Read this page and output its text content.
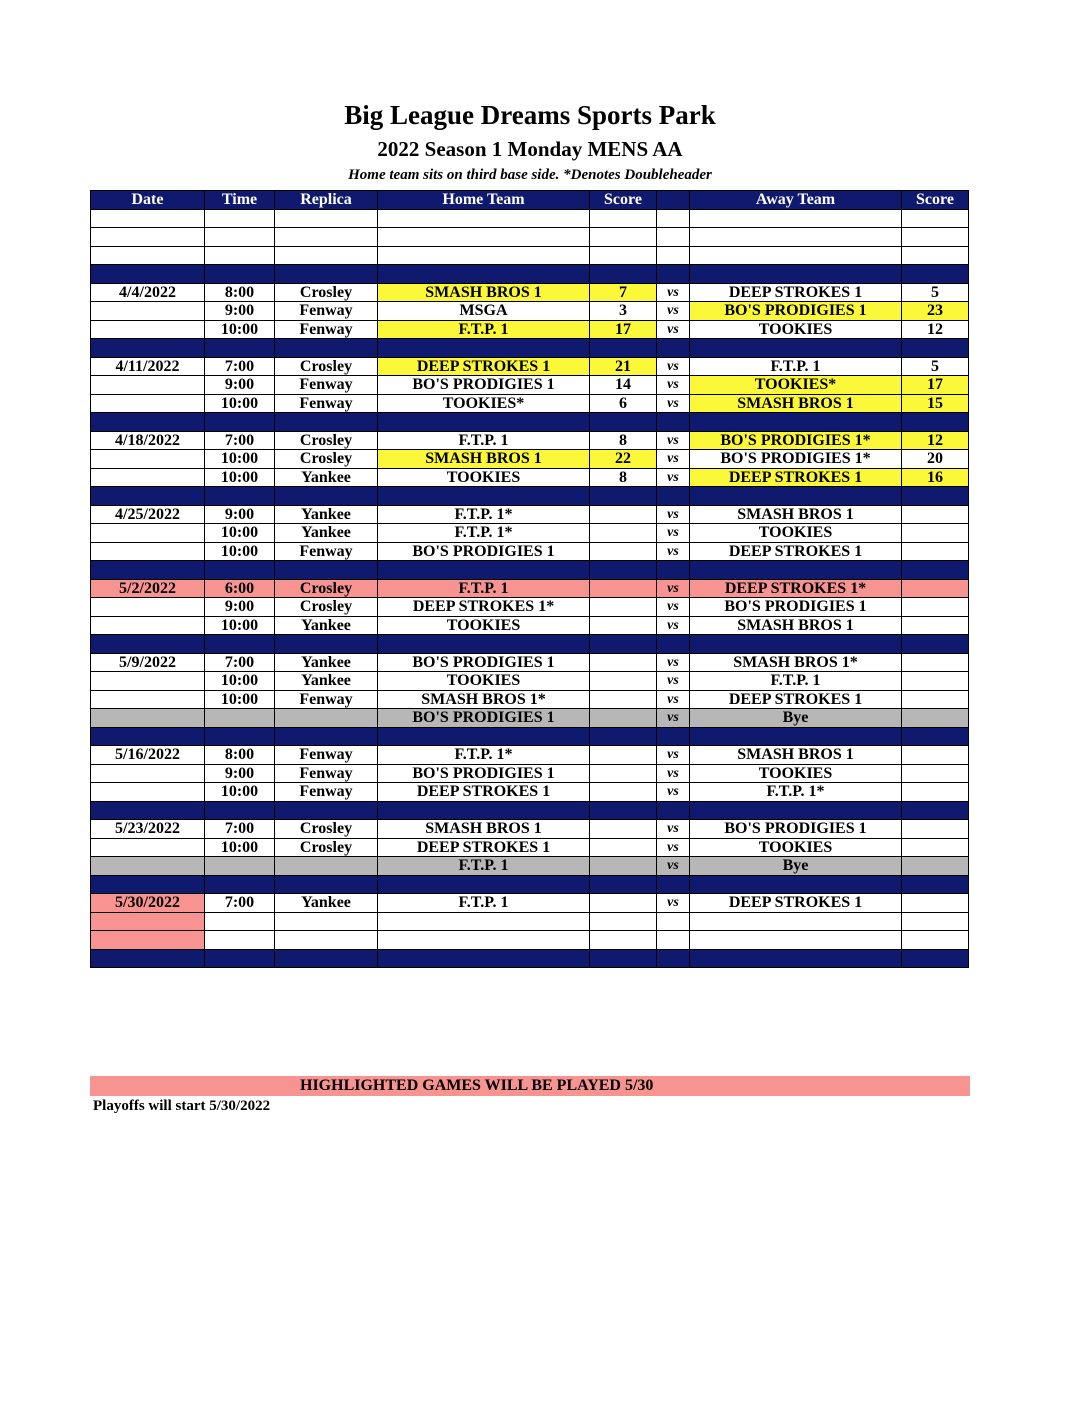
Big League Dreams Sports Park
2022 Season 1 Monday MENS AA
Home team sits on third base side. *Denotes Doubleheader
Date	Time	Replica	Home Team	Score		Away Team	Score

4/4/2022	8:00	Crosley	SMASH BROS 1	7	vs	DEEP STROKES 1	5
	9:00	Fenway	MSGA	3	vs	BO'S PRODIGIES 1	23
	10:00	Fenway	F.T.P. 1	17	vs	TOOKIES	12

4/11/2022	7:00	Crosley	DEEP STROKES 1	21	vs	F.T.P. 1	5
	9:00	Fenway	BO'S PRODIGIES 1	14	vs	TOOKIES*	17
	10:00	Fenway	TOOKIES*	6	vs	SMASH BROS 1	15

4/18/2022	7:00	Crosley	F.T.P. 1	8	vs	BO'S PRODIGIES 1*	12
	10:00	Crosley	SMASH BROS 1	22	vs	BO'S PRODIGIES 1*	20
	10:00	Yankee	TOOKIES	8	vs	DEEP STROKES 1	16

4/25/2022	9:00	Yankee	F.T.P. 1*		vs	SMASH BROS 1	
	10:00	Yankee	F.T.P. 1*		vs	TOOKIES	
	10:00	Fenway	BO'S PRODIGIES 1		vs	DEEP STROKES 1	

5/2/2022	6:00	Crosley	F.T.P. 1		vs	DEEP STROKES 1*	
	9:00	Crosley	DEEP STROKES 1*		vs	BO'S PRODIGIES 1	
	10:00	Yankee	TOOKIES		vs	SMASH BROS 1	

5/9/2022	7:00	Yankee	BO'S PRODIGIES 1		vs	SMASH BROS 1*	
	10:00	Yankee	TOOKIES		vs	F.T.P. 1	
	10:00	Fenway	SMASH BROS 1*		vs	DEEP STROKES 1	
			BO'S PRODIGIES 1		vs	Bye	

5/16/2022	8:00	Fenway	F.T.P. 1*		vs	SMASH BROS 1	
	9:00	Fenway	BO'S PRODIGIES 1		vs	TOOKIES	
	10:00	Fenway	DEEP STROKES 1		vs	F.T.P. 1*	

5/23/2022	7:00	Crosley	SMASH BROS 1		vs	BO'S PRODIGIES 1	
	10:00	Crosley	DEEP STROKES 1		vs	TOOKIES	
			F.T.P. 1		vs	Bye	

5/30/2022	7:00	Yankee	F.T.P. 1		vs	DEEP STROKES 1	

HIGHLIGHTED GAMES WILL BE PLAYED 5/30
Playoffs will start 5/30/2022
